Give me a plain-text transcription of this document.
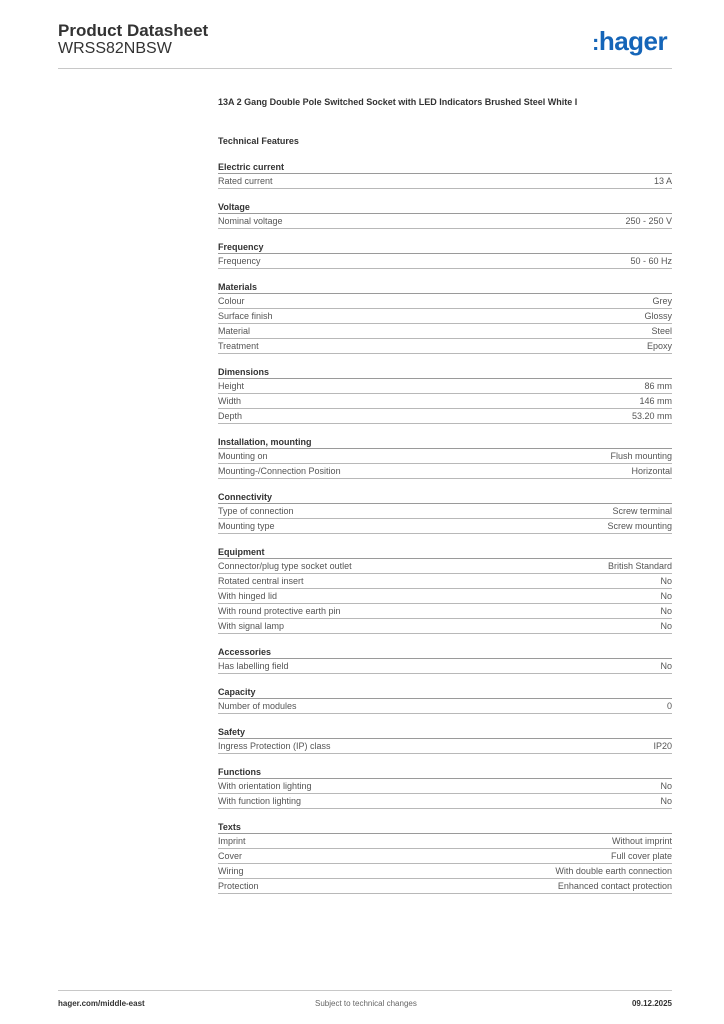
Product Datasheet
WRSS82NBSW	:hager
13A 2 Gang Double Pole Switched Socket with LED Indicators Brushed Steel White I
Technical Features
Electric current
Rated current	13 A
Voltage
Nominal voltage	250 - 250 V
Frequency
Frequency	50 - 60 Hz
Materials
Colour	Grey
Surface finish	Glossy
Material	Steel
Treatment	Epoxy
Dimensions
Height	86 mm
Width	146 mm
Depth	53.20 mm
Installation, mounting
Mounting on	Flush mounting
Mounting-/Connection Position	Horizontal
Connectivity
Type of connection	Screw terminal
Mounting type	Screw mounting
Equipment
Connector/plug type socket outlet	British Standard
Rotated central insert	No
With hinged lid	No
With round protective earth pin	No
With signal lamp	No
Accessories
Has labelling field	No
Capacity
Number of modules	0
Safety
Ingress Protection (IP) class	IP20
Functions
With orientation lighting	No
With function lighting	No
Texts
Imprint	Without imprint
Cover	Full cover plate
Wiring	With double earth connection
Protection	Enhanced contact protection
hager.com/middle-east	Subject to technical changes	09.12.2025
